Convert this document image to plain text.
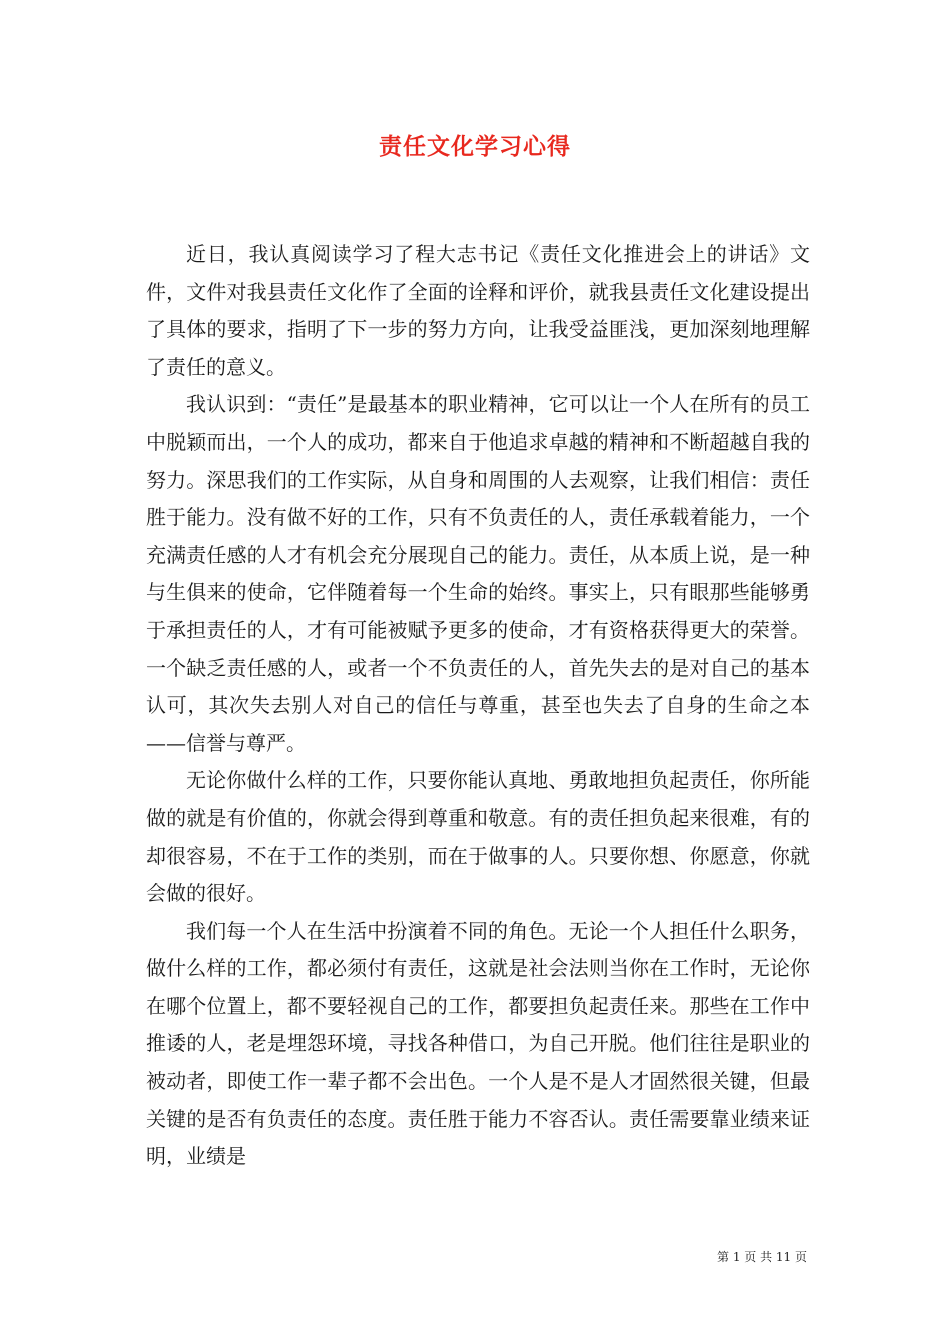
责任文化学习心得

近日，我认真阅读学习了程大志书记《责任文化推进会上的讲话》文件，文件对我县责任文化作了全面的诠释和评价，就我县责任文化建设提出了具体的要求，指明了下一步的努力方向，让我受益匪浅，更加深刻地理解了责任的意义。

我认识到：“责任”是最基本的职业精神，它可以让一个人在所有的员工中脱颖而出，一个人的成功，都来自于他追求卓越的精神和不断超越自我的努力。深思我们的工作实际，从自身和周围的人去观察，让我们相信：责任胜于能力。没有做不好的工作，只有不负责任的人，责任承载着能力，一个充满责任感的人才有机会充分展现自己的能力。责任，从本质上说，是一种与生俱来的使命，它伴随着每一个生命的始终。事实上，只有眼那些能够勇于承担责任的人，才有可能被赋予更多的使命，才有资格获得更大的荣誉。一个缺乏责任感的人，或者一个不负责任的人，首先失去的是对自己的基本认可，其次失去别人对自己的信任与尊重，甚至也失去了自身的生命之本——信誉与尊严。

无论你做什么样的工作，只要你能认真地、勇敢地担负起责任，你所能做的就是有价值的，你就会得到尊重和敬意。有的责任担负起来很难，有的却很容易，不在于工作的类别，而在于做事的人。只要你想、你愿意，你就会做的很好。

我们每一个人在生活中扮演着不同的角色。无论一个人担任什么职务，做什么样的工作，都必须付有责任，这就是社会法则当你在工作时，无论你在哪个位置上，都不要轻视自己的工作，都要担负起责任来。那些在工作中推诿的人，老是埋怨环境，寻找各种借口，为自己开脱。他们往往是职业的被动者，即使工作一辈子都不会出色。一个人是不是人才固然很关键，但最关键的是否有负责任的态度。责任胜于能力不容否认。责任需要靠业绩来证明，业绩是

第 1 页 共 11 页
